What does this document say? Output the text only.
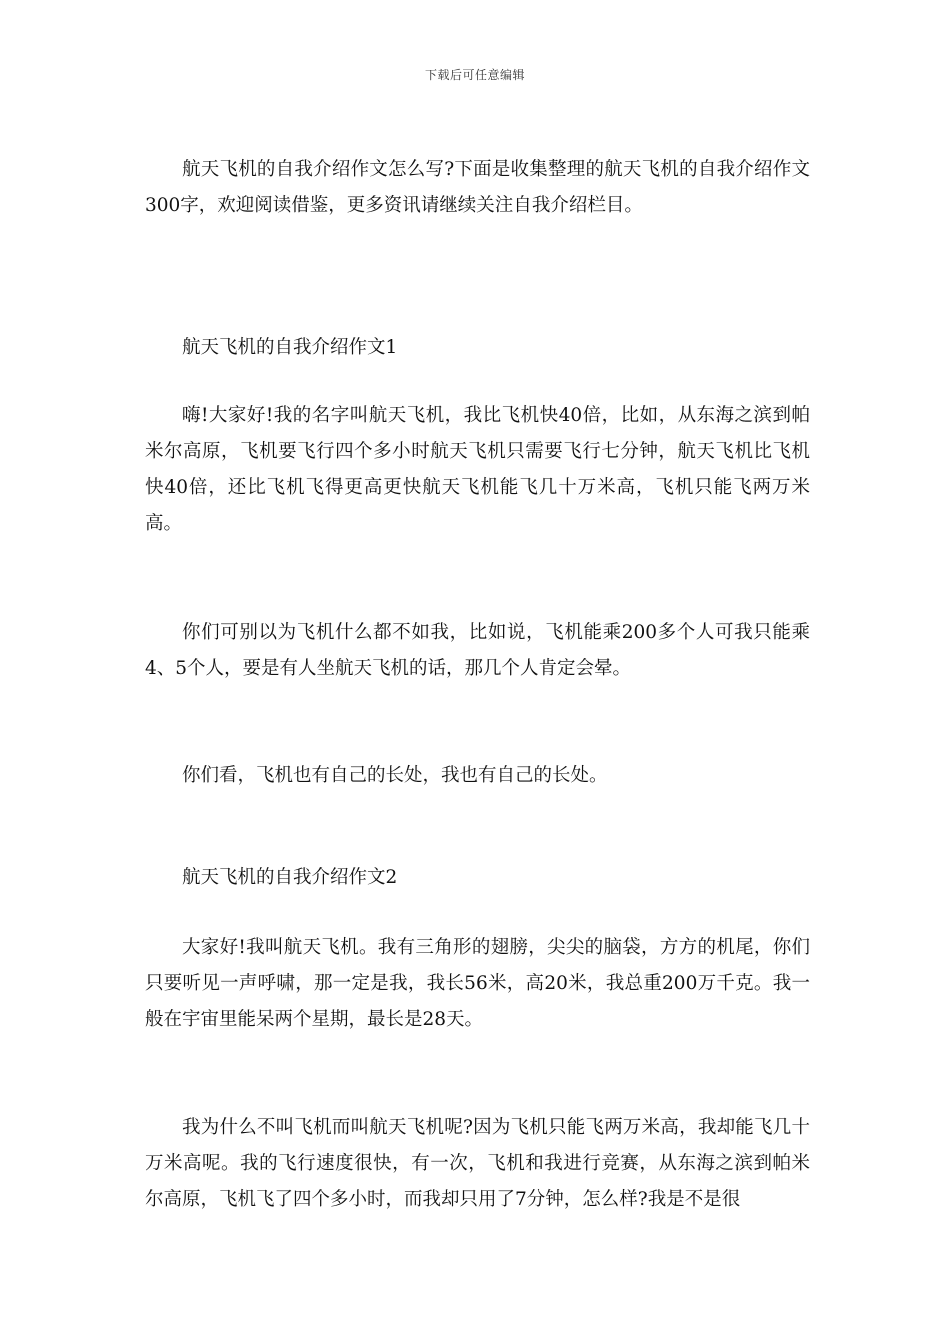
下载后可任意编辑

航天飞机的自我介绍作文怎么写?下面是收集整理的航天飞机的自我介绍作文300字，欢迎阅读借鉴，更多资讯请继续关注自我介绍栏目。

航天飞机的自我介绍作文1

嗨!大家好!我的名字叫航天飞机，我比飞机快40倍，比如，从东海之滨到帕米尔高原，飞机要飞行四个多小时航天飞机只需要飞行七分钟，航天飞机比飞机快40倍，还比飞机飞得更高更快航天飞机能飞几十万米高，飞机只能飞两万米高。

你们可别以为飞机什么都不如我，比如说，飞机能乘200多个人可我只能乘4、5个人，要是有人坐航天飞机的话，那几个人肯定会晕。

你们看，飞机也有自己的长处，我也有自己的长处。

航天飞机的自我介绍作文2

大家好!我叫航天飞机。我有三角形的翅膀，尖尖的脑袋，方方的机尾，你们只要听见一声呼啸，那一定是我，我长56米，高20米，我总重200万千克。我一般在宇宙里能呆两个星期，最长是28天。

我为什么不叫飞机而叫航天飞机呢?因为飞机只能飞两万米高，我却能飞几十万米高呢。我的飞行速度很快，有一次，飞机和我进行竞赛，从东海之滨到帕米尔高原，飞机飞了四个多小时，而我却只用了7分钟，怎么样?我是不是很
